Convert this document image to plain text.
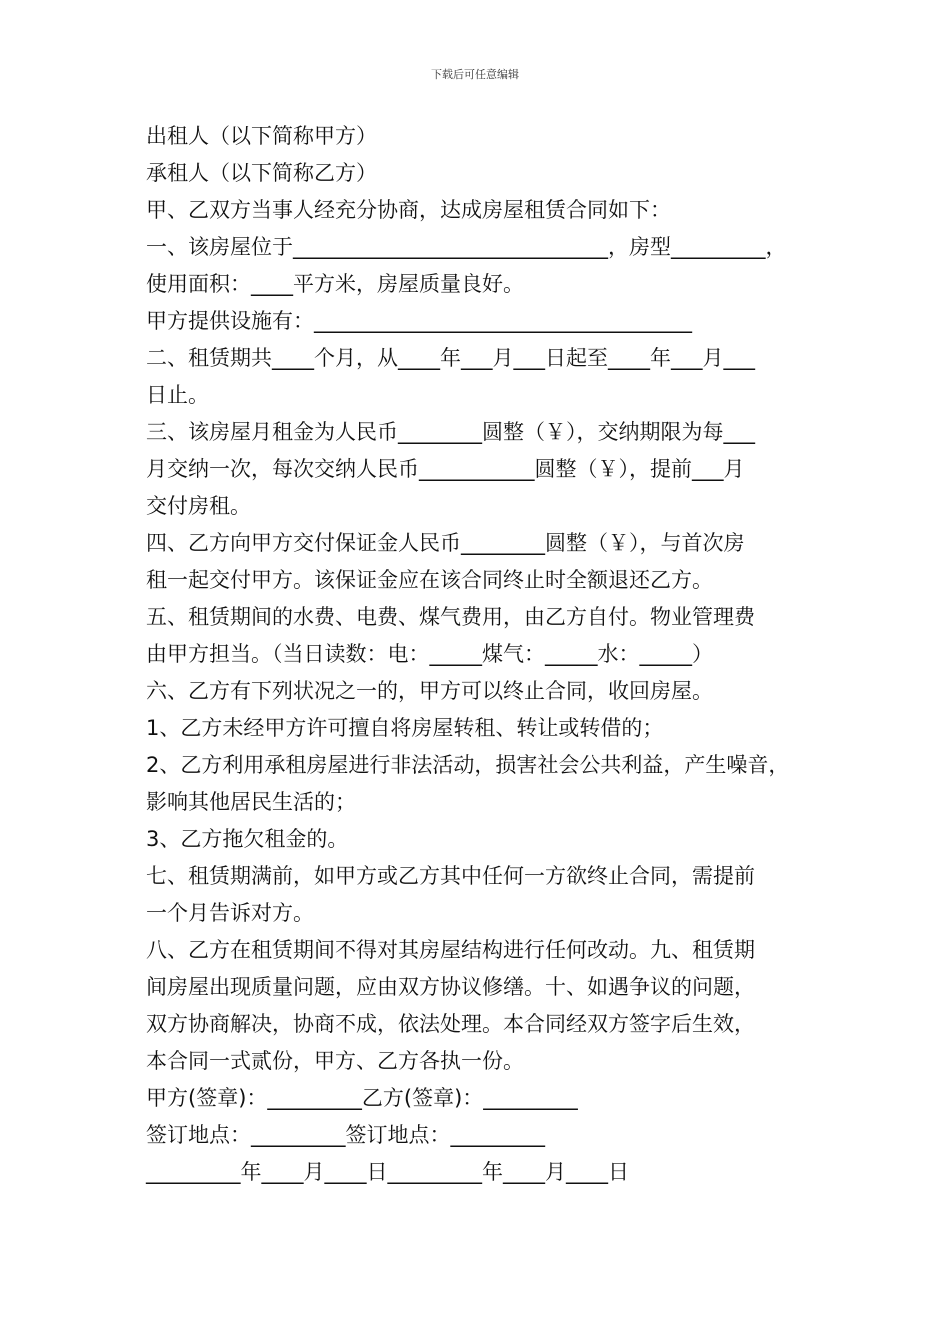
下载后可任意编辑
出租人（以下简称甲方）
承租人（以下简称乙方）
甲、乙双方当事人经充分协商，达成房屋租赁合同如下：
一、该房屋位于______________________________，房型_________，
使用面积：____平方米，房屋质量良好。
甲方提供设施有：____________________________________
二、租赁期共____个月，从____年___月___日起至____年___月___
日止。
三、该房屋月租金为人民币________圆整（￥），交纳期限为每___
月交纳一次，每次交纳人民币___________圆整（￥），提前___月
交付房租。
四、乙方向甲方交付保证金人民币________圆整（￥），与首次房
租一起交付甲方。该保证金应在该合同终止时全额退还乙方。
五、租赁期间的水费、电费、煤气费用，由乙方自付。物业管理费
由甲方担当。（当日读数：电：_____煤气：_____水：_____）
六、乙方有下列状况之一的，甲方可以终止合同，收回房屋。
1、乙方未经甲方许可擅自将房屋转租、转让或转借的；
2、乙方利用承租房屋进行非法活动，损害社会公共利益，产生噪音，
影响其他居民生活的；
3、乙方拖欠租金的。
七、租赁期满前，如甲方或乙方其中任何一方欲终止合同，需提前
一个月告诉对方。
八、乙方在租赁期间不得对其房屋结构进行任何改动。九、租赁期
间房屋出现质量问题，应由双方协议修缮。十、如遇争议的问题，
双方协商解决，协商不成，依法处理。本合同经双方签字后生效，
本合同一式贰份，甲方、乙方各执一份。
甲方(签章)：_________乙方(签章)：_________
签订地点：_________签订地点：_________
_________年____月____日_________年____月____日
